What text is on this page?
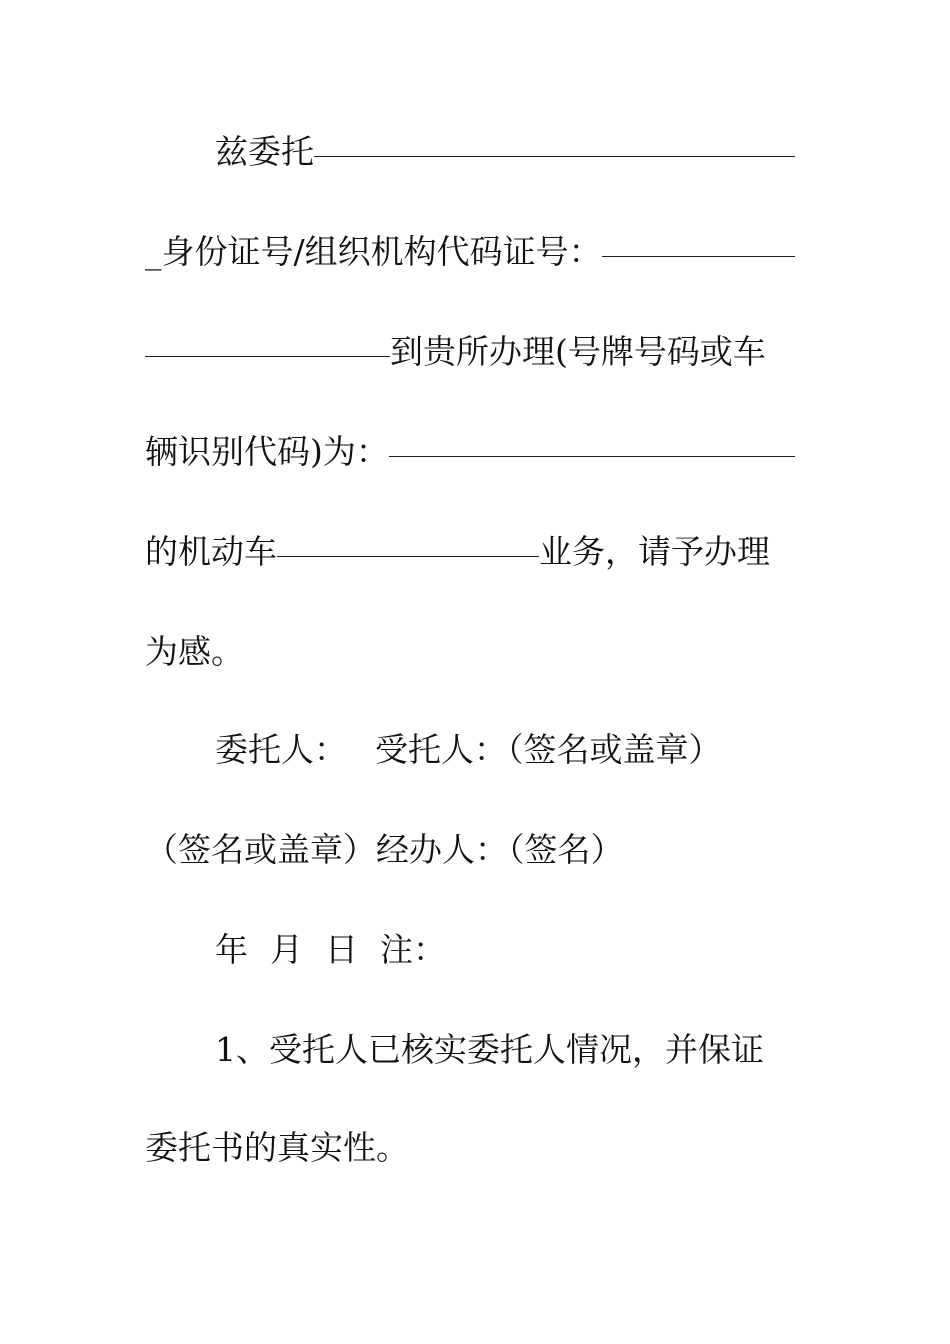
兹委托
_身份证号/组织机构代码证号：
到贵所办理(号牌号码或车
辆识别代码)为：
的机动车	业务，请予办理
为感。
委托人： 受托人：（签名或盖章）
（签名或盖章）经办人：（签名）
年 月 日 注：
1、受托人已核实委托人情况，并保证
委托书的真实性。
